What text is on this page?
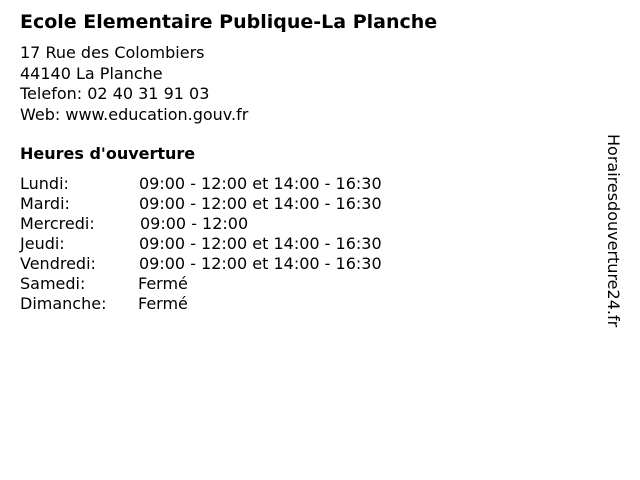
Ecole Elementaire Publique-La Planche
17 Rue des Colombiers
44140 La Planche
Telefon: 02 40 31 91 03
Web: www.education.gouv.fr
Heures d'ouverture
Lundi:	09:00 - 12:00 et 14:00 - 16:30
Mardi:	09:00 - 12:00 et 14:00 - 16:30
Mercredi:	09:00 - 12:00
Jeudi:	09:00 - 12:00 et 14:00 - 16:30
Vendredi:	09:00 - 12:00 et 14:00 - 16:30
Samedi:	Fermé
Dimanche: Fermé	Horairesdouverture24.fr
